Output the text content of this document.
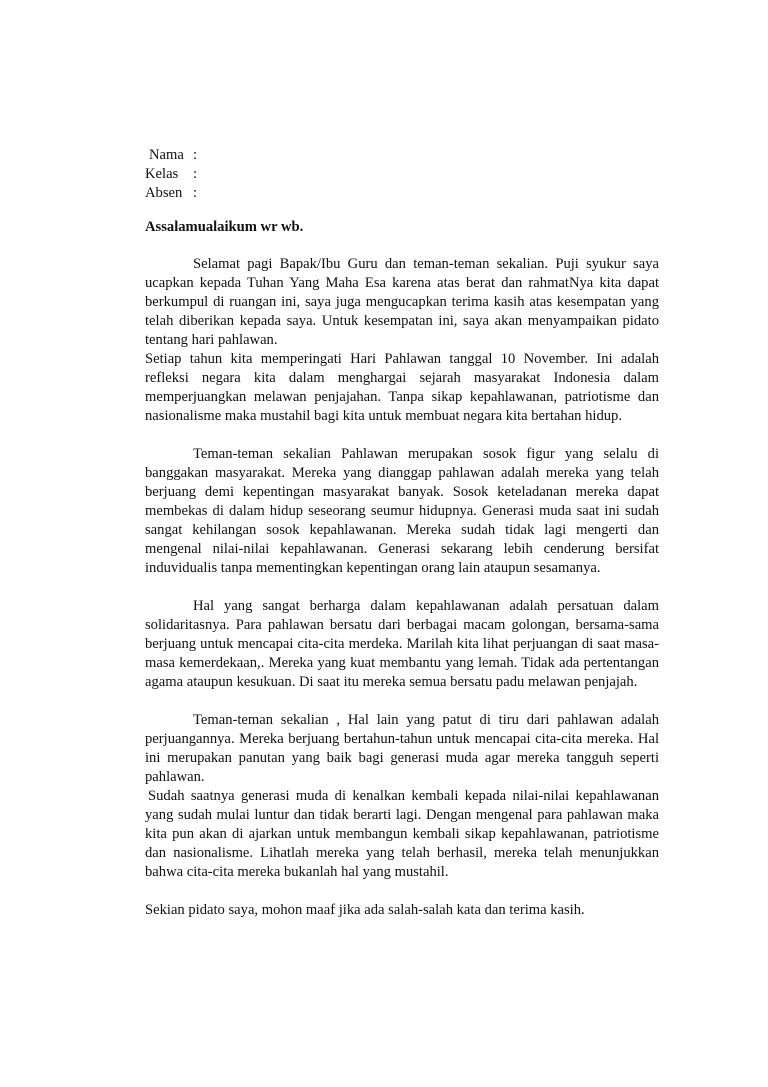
Nama :
Kelas	:
Absen :
Assalamualaikum wr wb.

Selamat pagi Bapak/Ibu Guru dan teman-teman sekalian. Puji syukur saya ucapkan kepada Tuhan Yang Maha Esa karena atas berat dan rahmatNya kita dapat berkumpul di ruangan ini, saya juga mengucapkan terima kasih atas kesempatan yang telah diberikan kepada saya. Untuk kesempatan ini, saya akan menyampaikan pidato tentang hari pahlawan.

Setiap tahun kita memperingati Hari Pahlawan tanggal 10 November. Ini adalah refleksi negara kita dalam menghargai sejarah masyarakat Indonesia dalam memperjuangkan melawan penjajahan. Tanpa sikap kepahlawanan, patriotisme dan nasionalisme maka mustahil bagi kita untuk membuat negara kita bertahan hidup.

Teman-teman sekalian Pahlawan merupakan sosok figur yang selalu di banggakan masyarakat. Mereka yang dianggap pahlawan adalah mereka yang telah berjuang demi kepentingan masyarakat banyak. Sosok keteladanan mereka dapat membekas di dalam hidup seseorang seumur hidupnya. Generasi muda saat ini sudah sangat kehilangan sosok kepahlawanan. Mereka sudah tidak lagi mengerti dan mengenal nilai-nilai kepahlawanan. Generasi sekarang lebih cenderung bersifat induvidualis tanpa mementingkan kepentingan orang lain ataupun sesamanya.

Hal yang sangat berharga dalam kepahlawanan adalah persatuan dalam solidaritasnya. Para pahlawan bersatu dari berbagai macam golongan, bersama-sama berjuang untuk mencapai cita-cita merdeka. Marilah kita lihat perjuangan di saat masa-masa kemerdekaan,. Mereka yang kuat membantu yang lemah. Tidak ada pertentangan agama ataupun kesukuan. Di saat itu mereka semua bersatu padu melawan penjajah.

Teman-teman sekalian , Hal lain yang patut di tiru dari pahlawan adalah perjuangannya. Mereka berjuang bertahun-tahun untuk mencapai cita-cita mereka. Hal ini merupakan panutan yang baik bagi generasi muda agar mereka tangguh seperti pahlawan.

Sudah saatnya generasi muda di kenalkan kembali kepada nilai-nilai kepahlawanan yang sudah mulai luntur dan tidak berarti lagi. Dengan mengenal para pahlawan maka kita pun akan di ajarkan untuk membangun kembali sikap kepahlawanan, patriotisme dan nasionalisme. Lihatlah mereka yang telah berhasil, mereka telah menunjukkan bahwa cita-cita mereka bukanlah hal yang mustahil.

Sekian pidato saya, mohon maaf jika ada salah-salah kata dan terima kasih.
